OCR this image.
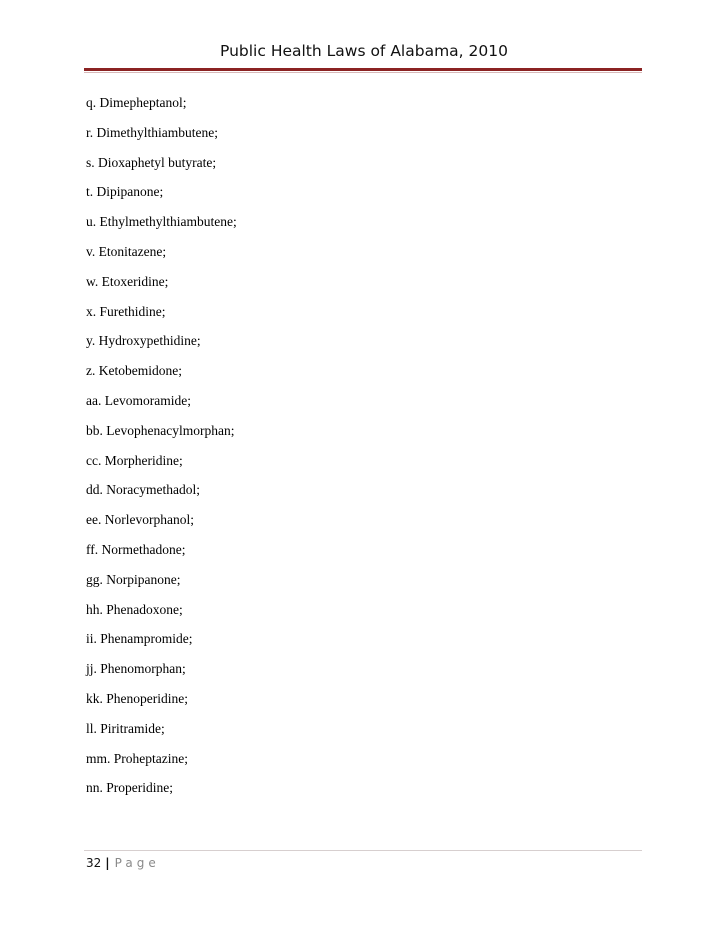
Public Health Laws of Alabama, 2010
q. Dimepheptanol;
r. Dimethylthiambutene;
s. Dioxaphetyl butyrate;
t. Dipipanone;
u. Ethylmethylthiambutene;
v. Etonitazene;
w. Etoxeridine;
x. Furethidine;
y. Hydroxypethidine;
z. Ketobemidone;
aa. Levomoramide;
bb. Levophenacylmorphan;
cc. Morpheridine;
dd. Noracymethadol;
ee. Norlevorphanol;
ff. Normethadone;
gg. Norpipanone;
hh. Phenadoxone;
ii. Phenampromide;
jj. Phenomorphan;
kk. Phenoperidine;
ll. Piritramide;
mm. Proheptazine;
nn. Properidine;
32 | Page
